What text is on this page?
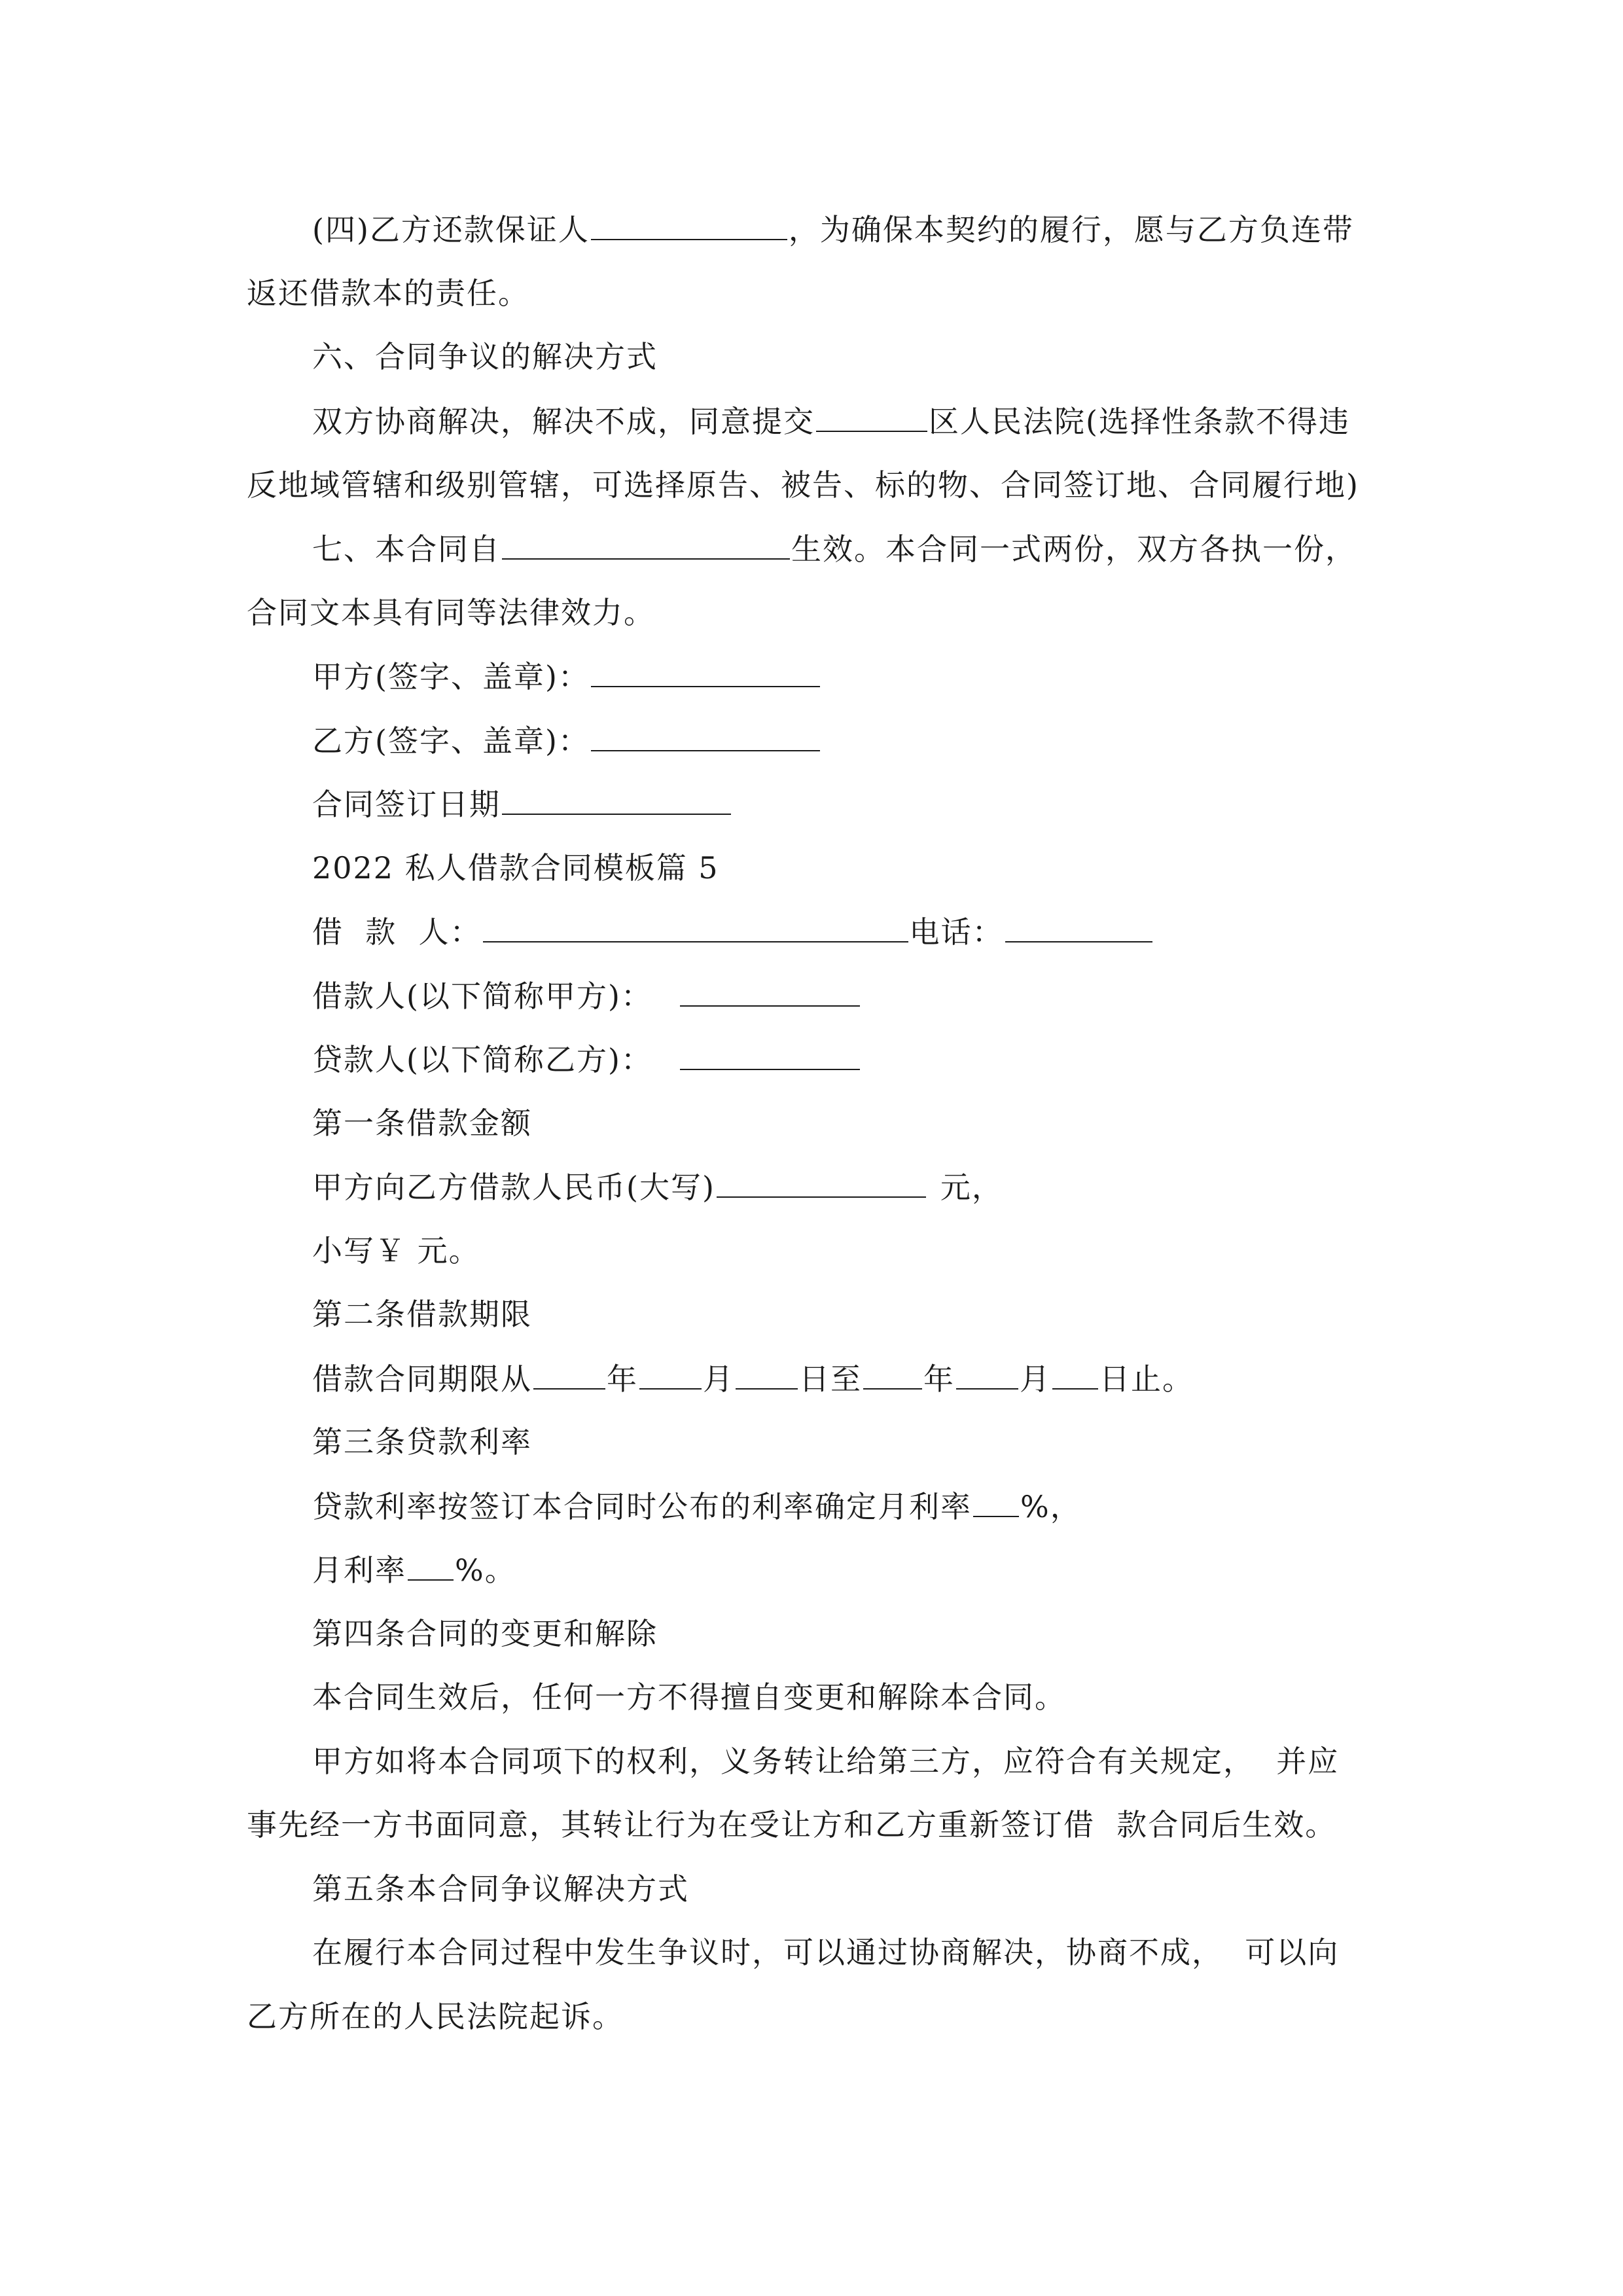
(四)乙方还款保证人	，为确保本契约的履行，愿与乙方负连带
返还借款本的责任。
六、合同争议的解决方式
双方协商解决，解决不成，同意提交	区人民法院(选择性条款不得违
反地域管辖和级别管辖，可选择原告、被告、标的物、合同签订地、合同履行地)
七、本合同自	生效。本合同一式两份，双方各执一份，
合同文本具有同等法律效力。
甲方(签字、盖章)：
乙方(签字、盖章)：
合同签订日期
2022 私人借款合同模板篇 5
借  款  人：	电话：
借款人(以下简称甲方)：
贷款人(以下简称乙方)：
第一条借款金额
甲方向乙方借款人民币(大写)	元，
小写￥ 元。
第二条借款期限
借款合同期限从 年 月 日至 年 月 日止。
第三条贷款利率
贷款利率按签订本合同时公布的利率确定月利率 %，
月利率 %。
第四条合同的变更和解除
本合同生效后，任何一方不得擅自变更和解除本合同。
甲方如将本合同项下的权利，义务转让给第三方，应符合有关规定，  并应
事先经一方书面同意，其转让行为在受让方和乙方重新签订借  款合同后生效。
第五条本合同争议解决方式
在履行本合同过程中发生争议时，可以通过协商解决，协商不成，  可以向
乙方所在的人民法院起诉。
